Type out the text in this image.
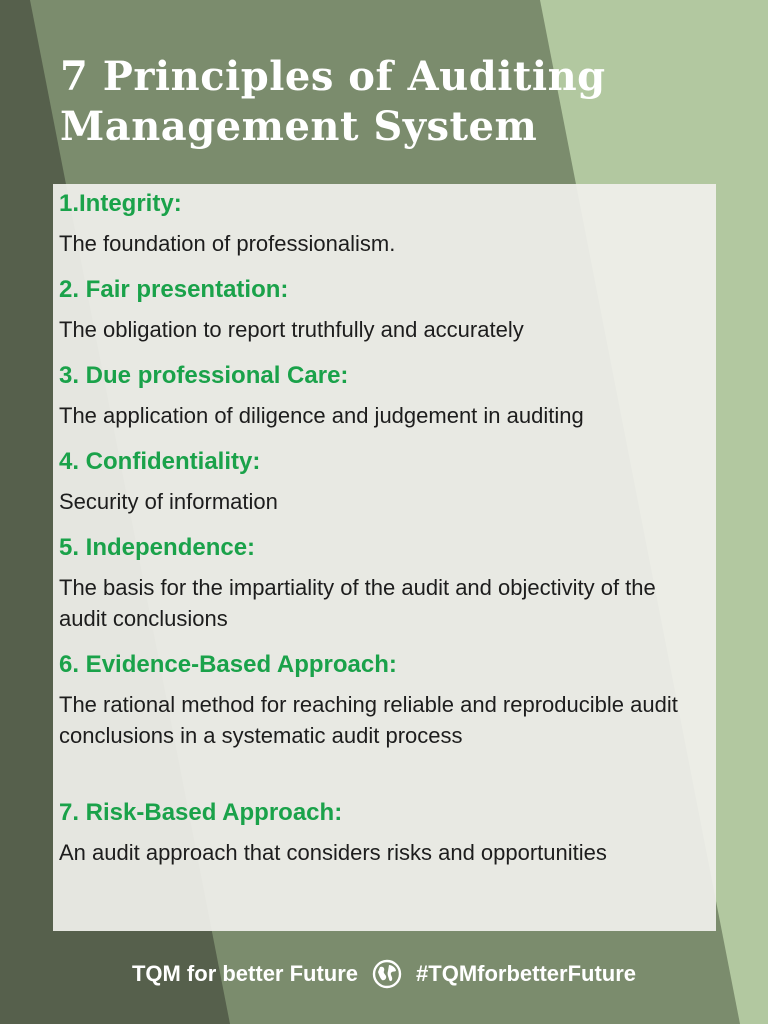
7 Principles of Auditing
Management System
1.Integrity:
The foundation of professionalism.
2. Fair presentation:
The obligation to report truthfully and accurately
3. Due professional Care:
The application of diligence and judgement in auditing
4. Confidentiality:
Security of information
5. Independence:
The basis for the impartiality of the audit and objectivity of the audit conclusions
6. Evidence-Based Approach:
The rational method for reaching reliable and reproducible audit conclusions in a systematic audit process
7. Risk-Based Approach:
An audit approach that considers risks and opportunities
TQM for better Future	#TQMforbetterFuture
